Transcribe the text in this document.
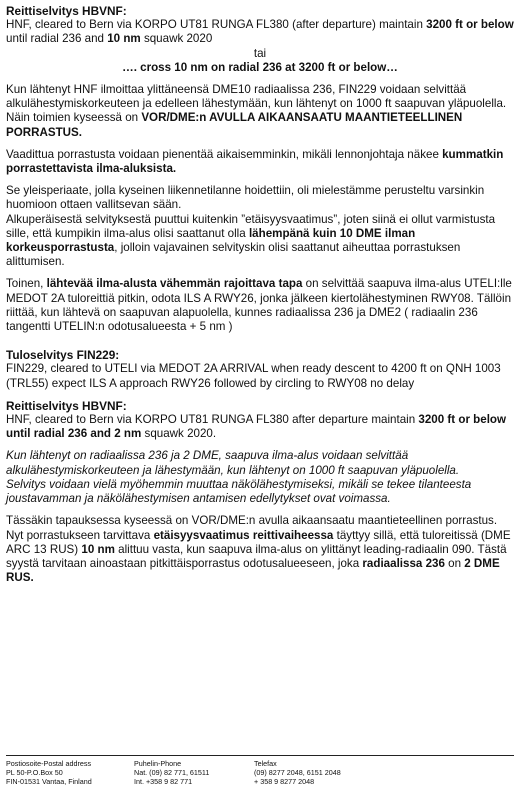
Reittiselvitys HBVNF:

HNF, cleared to Bern via KORPO UT81 RUNGA FL380 (after departure) maintain 3200 ft or below until radial 236 and 10 nm squawk 2020

tai

…. cross 10 nm on radial 236 at 3200 ft or below…

Kun lähtenyt HNF ilmoittaa ylittäneensä DME10 radiaalissa 236, FIN229 voidaan selvittää alkulähestymiskorkeuteen ja edelleen lähestymään, kun lähtenyt on 1000 ft saapuvan yläpuolella.

Näin toimien kyseessä on VOR/DME:n AVULLA AIKAANSAATU MAANTIETEELLINEN PORRASTUS.

Vaadittua porrastusta voidaan pienentää aikaisemminkin, mikäli lennonjohtaja näkee kummatkin porrastettavista ilma-aluksista.

Se yleisperiaate, jolla kyseinen liikennetilanne hoidettiin, oli mielestämme perusteltu varsinkin huomioon ottaen vallitsevan sään.

Alkuperäisestä selvityksestä puuttui kuitenkin ”etäisyysvaatimus”, joten siinä ei ollut varmistusta sille, että kumpikin ilma-alus olisi saattanut olla lähempänä kuin 10 DME ilman korkeusporrastusta, jolloin vajavainen selvityskin olisi saattanut aiheuttaa porrastuksen alittumisen.

Toinen, lähtevää ilma-alusta vähemmän rajoittava tapa on selvittää saapuva ilma-alus UTELI:lle MEDOT 2A tuloreittiä pitkin, odota ILS A RWY26, jonka jälkeen kiertolähestyminen RWY08. Tällöin riittää, kun lähtevä on saapuvan alapuolella, kunnes radiaalissa 236 ja DME2 ( radiaalin 236 tangentti UTELIN:n odotusalueesta + 5 nm )

Tuloselvitys FIN229:

FIN229, cleared to UTELI via MEDOT 2A ARRIVAL when ready descent to 4200 ft on QNH 1003 (TRL55) expect ILS A approach RWY26 followed by circling to RWY08 no delay

Reittiselvitys HBVNF:

HNF, cleared to Bern via KORPO UT81 RUNGA FL380 after departure maintain 3200 ft or below until radial 236 and 2 nm squawk 2020.

Kun lähtenyt on radiaalissa 236 ja 2 DME, saapuva ilma-alus voidaan selvittää alkulähestymiskorkeuteen ja lähestymään, kun lähtenyt on 1000 ft saapuvan yläpuolella.

Selvitys voidaan vielä myöhemmin muuttaa näkölähestymiseksi, mikäli se tekee tilanteesta joustavamman ja näkölähestymisen antamisen edellytykset ovat voimassa.

Tässäkin tapauksessa kyseessä on VOR/DME:n avulla aikaansaatu maantieteellinen porrastus. Nyt porrastukseen tarvittava etäisyysvaatimus reittivaiheessa täyttyy sillä, että tuloreitissä (DME ARC 13 RUS) 10 nm alittuu vasta, kun saapuva ilma-alus on ylittänyt leading-radiaalin 090. Tästä syystä tarvitaan ainoastaan pitkittäisporrastus odotusalueeseen, joka radiaalissa 236 on 2 DME RUS.

Postiosoite-Postal address
PL 50-P.O.Box 50
FIN-01531 Vantaa, Finland
Puhelin-Phone
Nat. (09) 82 771, 61511
Int. +358 9 82 771
Telefax
(09) 8277 2048, 6151 2048
+ 358 9 8277 2048
